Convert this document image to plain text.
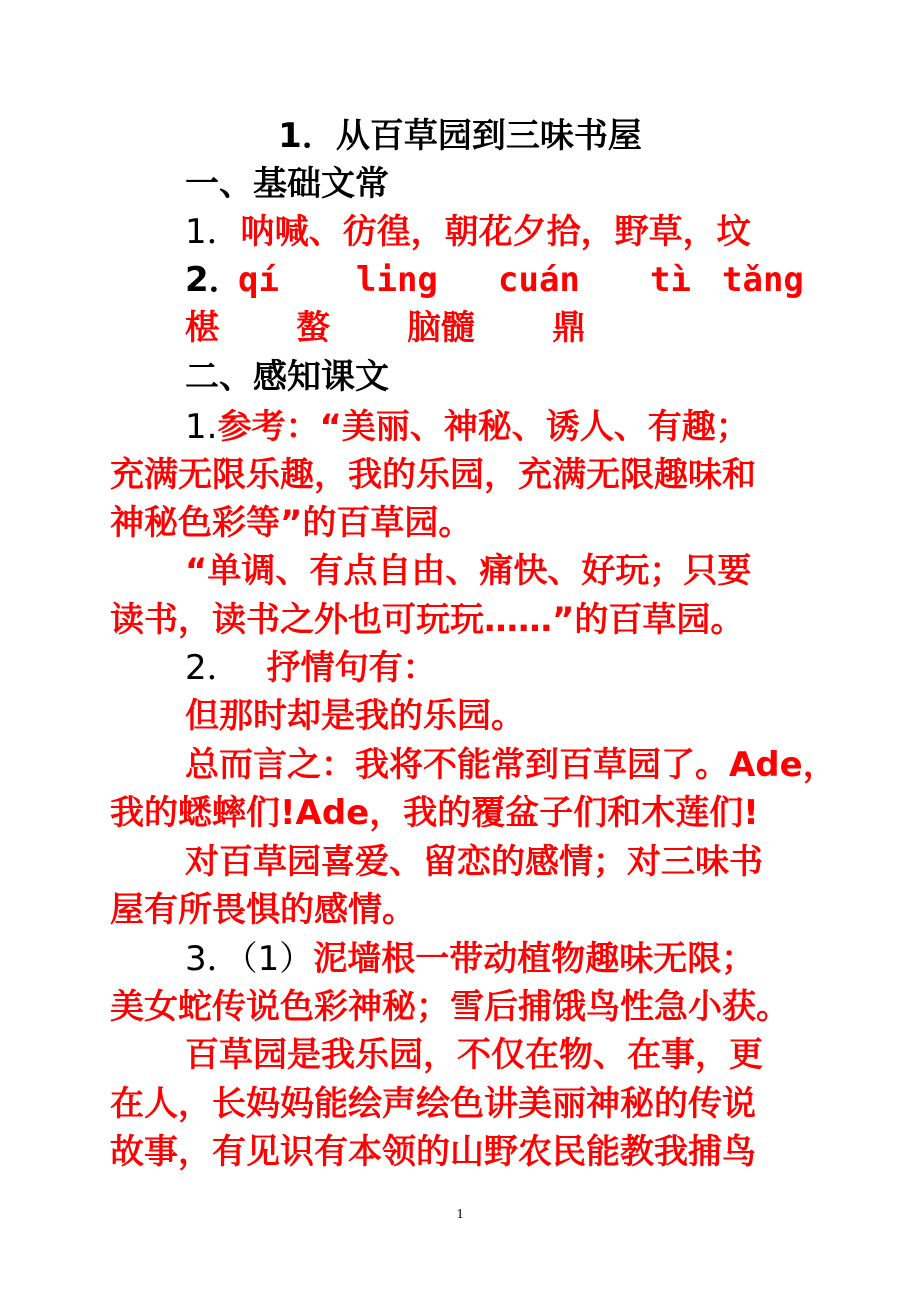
1．从百草园到三味书屋
一、基础文常
1．呐喊、彷徨，朝花夕拾，野草，坟
2．
qí ling cuán tì tǎng
椹 螯 脑髓 鼎
二、感知课文
1.参考：“美丽、神秘、诱人、有趣；
充满无限乐趣，我的乐园，充满无限趣味和
神秘色彩等”的百草园。
“单调、有点自由、痛快、好玩；只要
读书，读书之外也可玩玩……”的百草园。
2． 抒情句有：
但那时却是我的乐园。
总而言之：我将不能常到百草园了。Ade，
我的蟋蟀们!Ade，我的覆盆子们和木莲们!
对百草园喜爱、留恋的感情；对三味书
屋有所畏惧的感情。
3．（1）泥墙根一带动植物趣味无限；
美女蛇传说色彩神秘；雪后捕饿鸟性急小获。
百草园是我乐园，不仅在物、在事，更
在人，长妈妈能绘声绘色讲美丽神秘的传说
故事，有见识有本领的山野农民能教我捕鸟
1
